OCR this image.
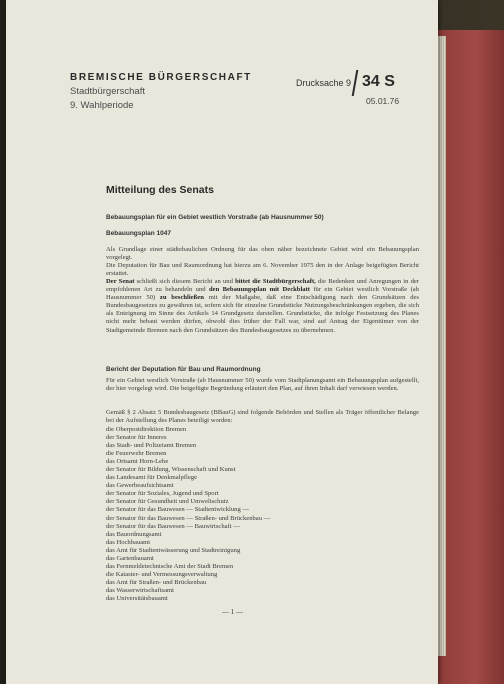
BREMISCHE BÜRGERSCHAFT
Stadtbürgerschaft
9. Wahlperiode
Drucksache 9 34 S
05.01.76
Mitteilung des Senats
Bebauungsplan für ein Gebiet westlich Vorstraße (ab Hausnummer 50)
Bebauungsplan 1047
Als Grundlage einer städtebaulichen Ordnung für das oben näher bezeichnete Gebiet wird ein Bebauungsplan vorgelegt.
Die Deputation für Bau und Raumordnung hat hierzu am 6. November 1975 den in der Anlage beigefügten Bericht erstattet.
Der Senat schließt sich diesem Bericht an und bittet die Stadtbürgerschaft, die Bedenken und Anregungen in der empfohlenen Art zu behandeln und den Bebauungsplan mit Deckblatt für ein Gebiet westlich Vorstraße (ab Hausnummer 50) zu beschließen mit der Maßgabe, daß eine Entschädigung nach den Grundsätzen des Bundesbaugesetzes zu gewähren ist, sofern sich für einzelne Grundstücke Nutzungsbeschränkungen ergeben, die sich als Enteignung im Sinne des Artikels 14 Grundgesetz darstellen. Grundstücke, die infolge Festsetzung des Planes nicht mehr bebaut werden dürfen, obwohl dies früher der Fall war, sind auf Antrag der Eigentümer von der Stadtgemeinde Bremen nach den Grundsätzen des Bundesbaugesetzes zu übernehmen.
Bericht der Deputation für Bau und Raumordnung
Für ein Gebiet westlich Vorstraße (ab Hausnummer 50) wurde vom Stadtplanungsamt ein Bebauungsplan aufgestellt, der hier vorgelegt wird. Die beigefügte Begründung erläutert den Plan, auf ihren Inhalt darf verwiesen werden.
Gemäß § 2 Absatz 5 Bundesbaugesetz (BBauG) sind folgende Behörden und Stellen als Träger öffentlicher Belange bei der Aufstellung des Planes beteiligt worden:
die Oberpostdirektion Bremen
der Senator für Inneres
das Stadt- und Polizeiamt Bremen
die Feuerwehr Bremen
das Ortsamt Horn-Lehe
der Senator für Bildung, Wissenschaft und Kunst
das Landesamt für Denkmalpflege
das Gewerbeaufsichtsamt
der Senator für Soziales, Jugend und Sport
der Senator für Gesundheit und Umweltschutz
der Senator für das Bauwesen — Stadtentwicklung —
der Senator für das Bauwesen — Straßen- und Brückenbau —
der Senator für das Bauwesen — Bauwirtschaft —
das Bauordnungsamt
das Hochbauamt
das Amt für Stadtentwässerung und Stadtreinigung
das Gartenbauamt
das Fernmeldetechnische Amt der Stadt Bremen
die Kataster- und Vermessungsverwaltung
das Amt für Straßen- und Brückenbau
das Wasserwirtschaftsamt
das Universitätsbauamt
— 1 —
